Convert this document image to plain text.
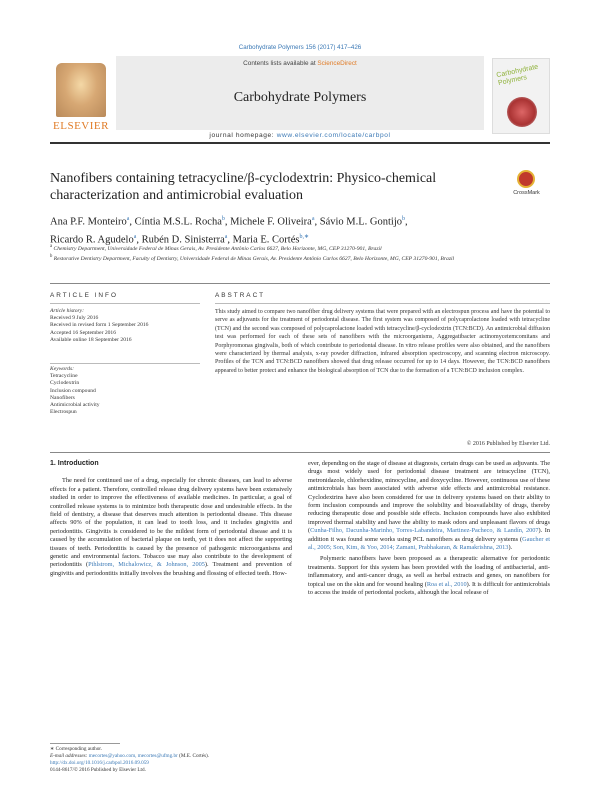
Carbohydrate Polymers 156 (2017) 417–426
ELSEVIER
Contents lists available at ScienceDirect
Carbohydrate Polymers
journal homepage: www.elsevier.com/locate/carbpol
Carbohydrate Polymers
Nanofibers containing tetracycline/β-cyclodextrin: Physico-chemical characterization and antimicrobial evaluation	CrossMark
Ana P.F. Monteiro$^a$, Cíntia M.S.L. Rocha$^b$, Michele F. Oliveira$^a$, Sávio M.L. Gontijo$^b$,
Ricardo R. Agudelo$^a$, Rubén D. Sinisterra$^a$, Maria E. Cortés$^{b,∗}$
$^a$ Chemistry Department, Universidade Federal de Minas Gerais, Av. Presidente Antônio Carlos 6627, Belo Horizonte, MG, CEP 31270-901, Brazil
$^b$ Restorative Dentistry Department, Faculty of Dentistry, Universidade Federal de Minas Gerais, Av. Presidente Antônio Carlos 6627, Belo Horizonte, MG, CEP 31270-901, Brazil
ARTICLE INFO	ABSTRACT
Article history:
Received 9 July 2016
Received in revised form 1 September 2016
Accepted 16 September 2016
Available online 18 September 2016
Keywords:
Tetracycline
Cyclodextrin
Inclusion compound
Nanofibers
Antimicrobial activity
Electrospun
This study aimed to compare two nanofiber drug delivery systems that were prepared with an electrospun process and have the potential to serve as adjuvants for the treatment of periodontal disease. The first system was composed of polycaprolactone loaded with tetracycline (TCN) and the second was composed of polycaprolactone loaded with tetracycline/β-cyclodextrin (TCN:BCD). An antimicrobial diffusion test was performed for each of these sets of nanofibers with the microorganisms, Aggregatibacter actinomycetemcomitans and Porphyromonas gingivalis, both of which contribute to periodontal disease. In vitro release profiles were also obtained, and the nanofibers were characterized by thermal analysis, x-ray powder diffraction, infrared absorption spectroscopy, and scanning electron microscopy. Profiles of the TCN and TCN:BCD nanofibers showed that drug release occurred for up to 14 days. However, the TCN:BCD nanofibers appeared to better protect and enhance the biological absorption of TCN due to the formation of a TCN:BCD inclusion complex.
© 2016 Published by Elsevier Ltd.
1. Introduction
The need for continued use of a drug, especially for chronic diseases, can lead to adverse effects for a patient. Therefore, controlled release drug delivery systems have been extensively studied in order to improve the effectiveness of available medicines. In particular, a goal of controlled release systems is to minimize both therapeutic dose and undesirable effects. In the field of dentistry, a disease that deserves much attention is periodontal disease. This disease affects 90% of the population, it can lead to tooth loss, and it includes gingivitis and periodontitis. Gingivitis is considered to be the mildest form of periodontal disease and it is caused by the accumulation of bacterial plaque on teeth, yet it does not affect the supporting tissues of teeth. Periodontitis is caused by the presence of pathogenic microorganisms and genetic and environmental factors. Tobacco use may also contribute to the development of periodontitis (Pihlstrom, Michalowicz, & Johnson, 2005). Treatment and prevention of gingivitis and periodontitis initially involves the brushing and flossing of effected teeth. How-
ever, depending on the stage of disease at diagnosis, certain drugs can be used as adjuvants. The drugs most widely used for periodontal disease treatment are tetracycline (TCN), metronidazole, chlorhexidine, minocycline, and doxycycline. However, continuous use of these antimicrobials has been associated with adverse side effects and antimicrobial resistance. Cyclodextrins have also been considered for use in delivery systems based on their ability to form inclusion compounds and improve the solubility and bioavailability of drugs, thereby reducing therapeutic dose and possible side effects. Inclusion compounds have also exhibited improved thermal stability and have the ability to mask odors and unpleasant flavors of drugs (Cunha-Filho, Dacunha-Marinho, Torres-Labandeira, Martinez-Pacheco, & Landín, 2007). In addition it was found some works using PCL nanofibers as drug delivery systems (Gaucher et al., 2005; Son, Kim, & Yoo, 2014; Zamani, Prabhakaran, & Ramakrishna, 2013).
Polymeric nanofibers have been proposed as a therapeutic alternative for periodontic treatments. Support for this system has been provided with the loading of antibacterial, anti-inflammatory, and anti-cancer drugs, as well as herbal extracts and genes, on nanofibers for topical use on the skin and for wound healing (Roa et al., 2010). It is difficult for antimicrobials to access the inside of periodontal pockets, although the local release of
∗ Corresponding author.
E-mail addresses: mecortes@yahoo.com, mecortes@ufmg.br (M.E. Cortés).
http://dx.doi.org/10.1016/j.carbpol.2016.09.059
0144-8617/© 2016 Published by Elsevier Ltd.
